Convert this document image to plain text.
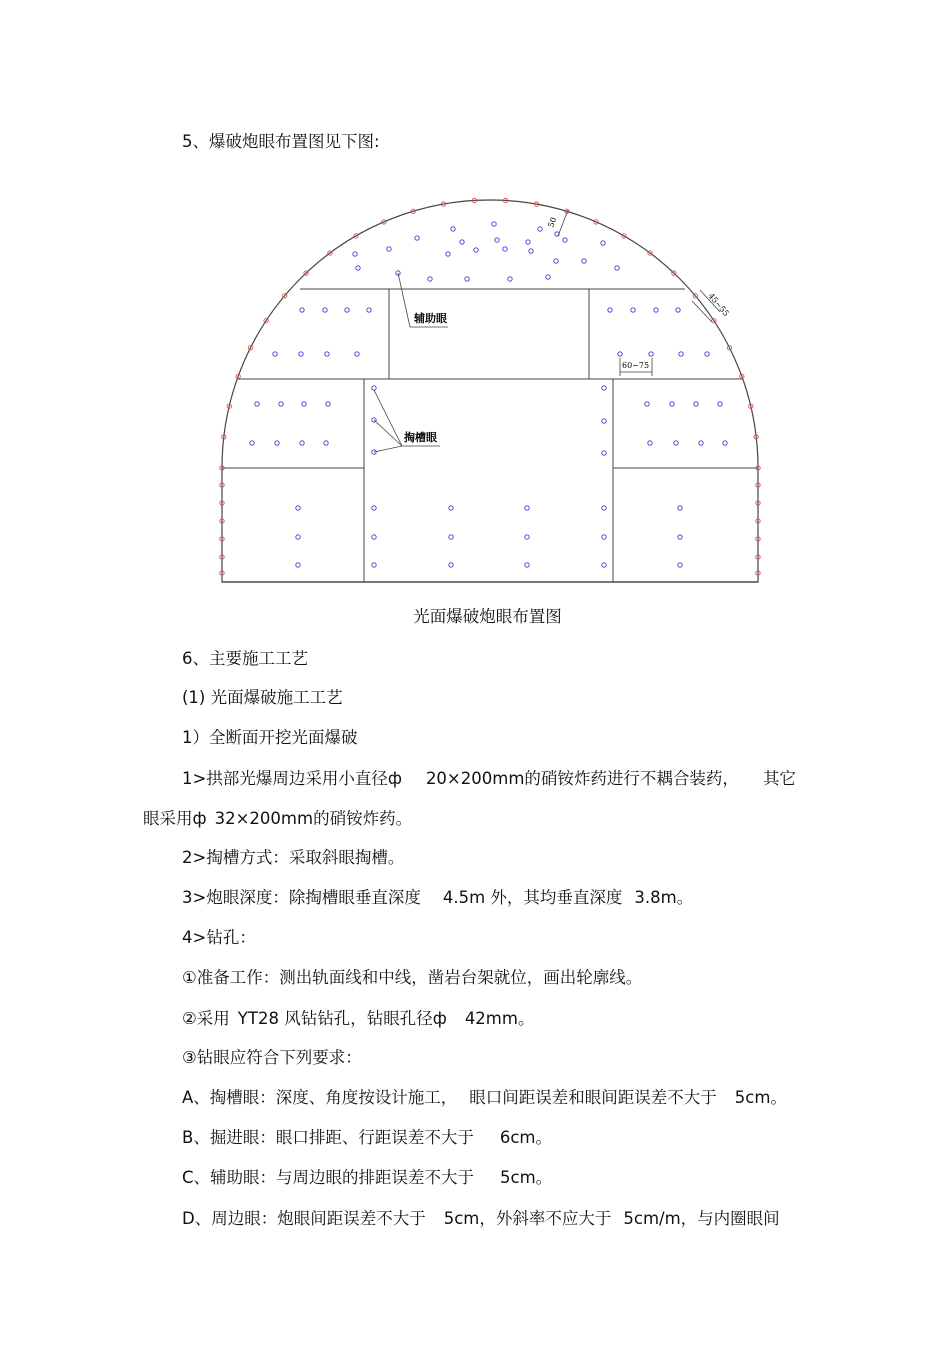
5、爆破炮眼布置图见下图:
辅助眼
掏槽眼
60~75
50
45~55
光面爆破炮眼布置图
6、主要施工工艺
(1) 光面爆破施工工艺
1）全断面开挖光面爆破
1>拱部光爆周边采用小直径ф 20×200mm的硝铵炸药进行不耦合装药， 其它
眼采用ф 32×200mm的硝铵炸药。
2>掏槽方式：采取斜眼掏槽。
3>炮眼深度：除掏槽眼垂直深度 4.5m 外，其均垂直深度 3.8m。
4>钻孔：
①准备工作：测出轨面线和中线，凿岩台架就位，画出轮廓线。
②采用 YT28 风钻钻孔，钻眼孔径ф 42mm。
③钻眼应符合下列要求：
A、掏槽眼：深度、角度按设计施工， 眼口间距误差和眼间距误差不大于 5cm。
B、掘进眼：眼口排距、行距误差不大于 6cm。
C、辅助眼：与周边眼的排距误差不大于 5cm。
D、周边眼：炮眼间距误差不大于 5cm，外斜率不应大于 5cm/m，与内圈眼间
